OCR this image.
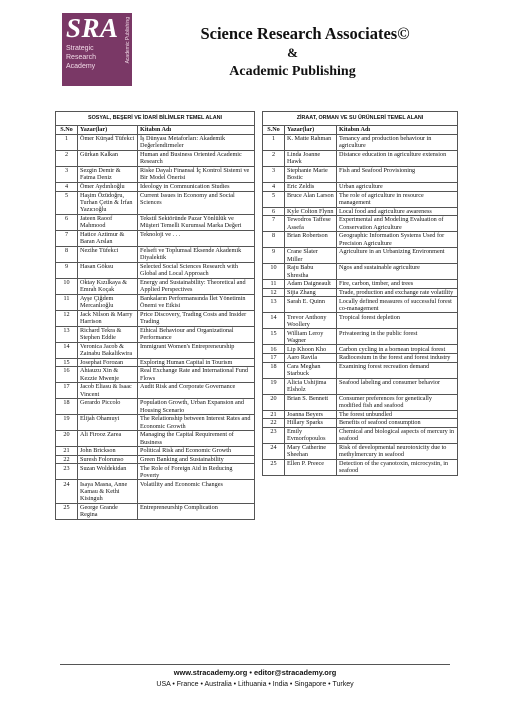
SRA
Strategic
Research
Academy
Academic Publishing	Science Research Associates©
&
Academic Publishing
SOSYAL, BEŞERİ VE İDARİ BİLİMLER TEMEL ALANI		
S.No	Yazar(lar)	Kitabın Adı
1	Ömer Kürşad Tüfekci	İş Dünyası Metaforları: Akademik Değerlendirmeler
2	Gürkan Kalkan	Human and Business Oriented Academic Research
3	Sezgin Demir & Fatma Deniz	Riske Dayalı Finansal İç Kontrol Sistemi ve Bir Model Önerisi
4	Ömer Aydınlıoğlu	Ideology in Communication Studies
5	Haşim Özüdoğru, Turhan Çetin & İrfan Yazıcıoğlu	Current Issues in Economy and Social Sciences
6	Jateen Raoof Mahmood	Tekstil Sektöründe Pazar Yönlülük ve Müşteri Temelli Kurumsal Marka Değeri
7	Hatice Aztimur & Baran Arslan	Teknoloji ve . . .
8	Nezihe Tüfekci	Felsefi ve Toplumsal Eksende Akademik Diyalektik
9	Hasan Göksu	Selected Social Sciences Research with Global and Local Approach
10	Oktay Kızılkaya & Emrah Koçak	Energy and Sustainability: Theoretical and Applied Perspectives
11	Ayşe Çiğdem Mercanlıoğlu	Bankaların Performansında İlet Yönetimin Önemi ve Etkisi
12	Jack Nilson & Marry Harrison	Price Discovery, Trading Costs and Insider Trading
13	Richard Tekra & Stephen Eddie	Ethical Behaviour and Organizational Performance
14	Veronica Jacob & Zainabu Bakalikwira	Immigrant Women's Entrepreneurship
15	Josephat Forozan	Exploring Human Capital in Tourism
16	Ahiauzu Xin & Kezzie Mwenje	Real Exchange Rate and International Fund Flows
17	Jacob Eliasu & Isaac Vincent	Audit Risk and Corporate Governance
18	Gerardo Piccolo	Population Growth, Urban Expansion and Housing Scenario
19	Elijah Ohamuyi	The Relationship between Interest Rates and Economic Growth
20	Ali Firooz Zarea	Managing the Capital Requirement of Business
21	John Brickson	Political Risk and Economic Growth
22	Suresh Folorunso	Green Banking and Sustainability
23	Suzan Woldekidan	The Role of Foreign Aid in Reducing Poverty
24	Isaya Masna, Anne Kamau & Kethi Kisinguh	Volatility and Economic Changes
25	George Grande Regina	Entrepreneurship Complication
ZİRAAT, ORMAN VE SU ÜRÜNLERİ TEMEL ALANI		
S.No	Yazar(lar)	Kitabın Adı
1	K. Matte Rahman	Tenancy and production behaviour in agriculture
2	Linda Joanne Hawk	Distance education in agriculture extension
3	Stephanie Marie Bostic	Fish and Seafood Provisioning
4	Eric Zeldis	Urban agriculture
5	Bruce Alan Larson	The role of agriculture in resource management
6	Kyle Colton Flynn	Local food and agriculture awareness
7	Tewodros Taffese Assefa	Experimental and Modeling Evaluation of Conservation Agriculture
8	Brian Robertson	Geographic Information Systems Used for Precision Agriculture
9	Crane Slater Miller	Agriculture in an Urbanizing Environment
10	Raju Babu Shrestha	Ngos and sustainable agriculture
11	Adam Daigneault	Fire, carbon, timber, and trees
12	Sijia Zhang	Trade, production and exchange rate volatility
13	Sarah E. Quinn	Locally defined measures of successful forest co-management
14	Trevor Anthony Woollery	Tropical forest depletion
15	William Leroy Wagner	Privateering in the public forest
16	Lip Khoon Kho	Carbon cycling in a bornean tropical forest
17	Aaro Ravila	Radiocesium in the forest and forest industry
18	Cara Meghan Starbuck	Examining forest recreation demand
19	Alicia Ushijima Elsholz	Seafood labeling and consumer behavior
20	Brian S. Bennett	Consumer preferences for genetically modified fish and seafood
21	Joanna Beyers	The forest unbundled
22	Hillary Sparks	Benefits of seafood consumption
23	Emily Evmorfopoulos	Chemical and biological aspects of mercury in seafood
24	Mary Catherine Sheehan	Risk of developmental neurotoxicity due to methylmercury in seafood
25	Ellen P. Preece	Detection of the cyanotoxin, microcystin, in seafood
www.stracademy.org • editor@stracademy.org
USA • France • Australia • Lithuania • India • Singapore • Turkey
